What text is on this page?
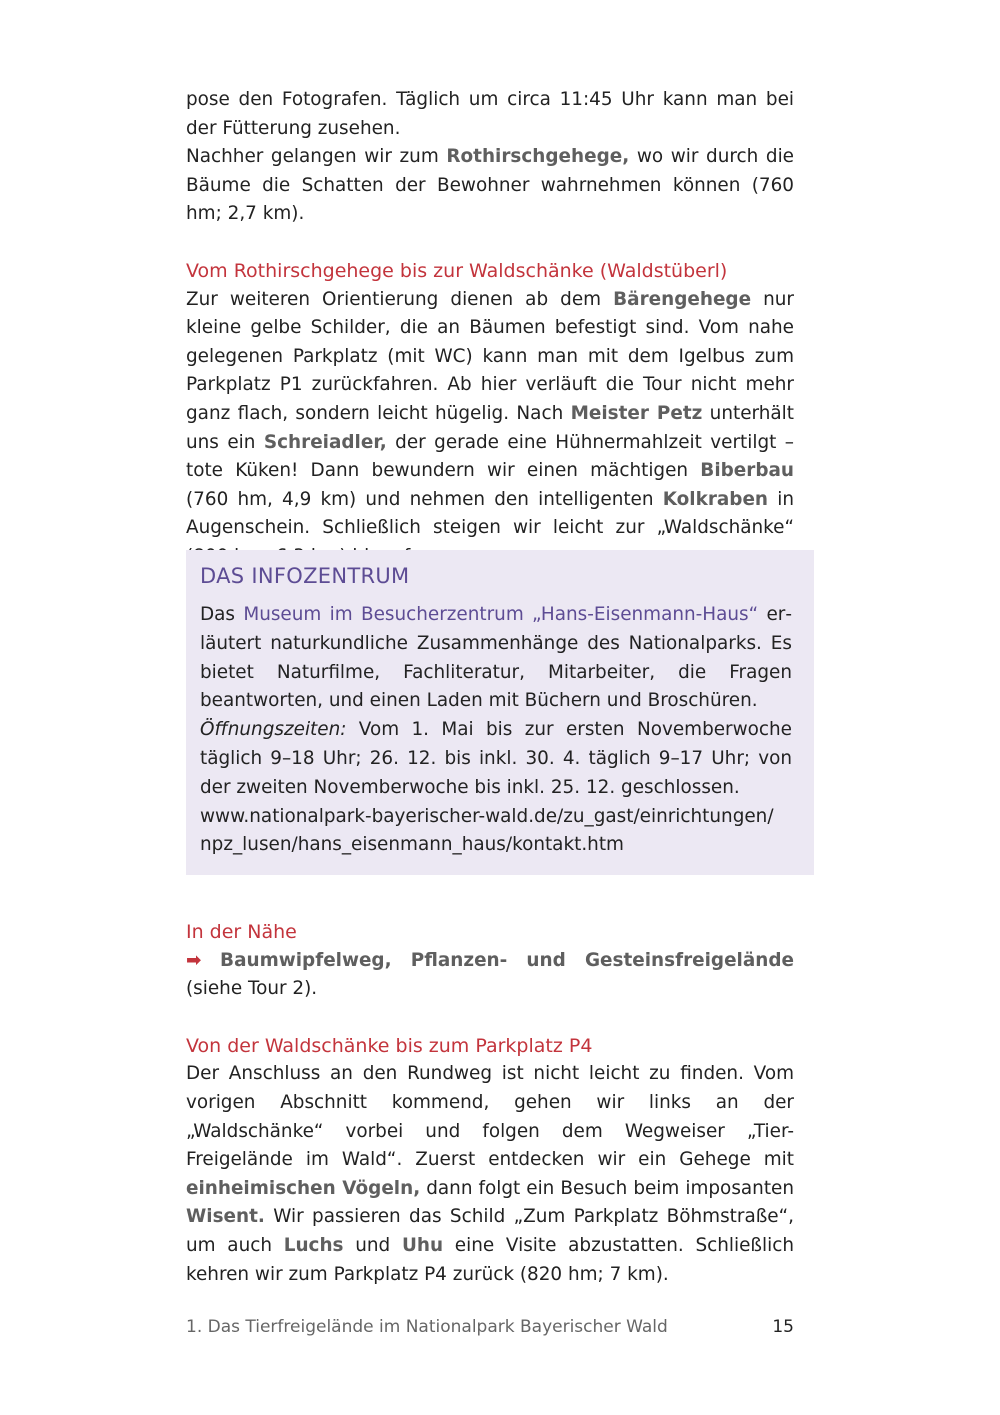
pose den Fotografen. Täglich um circa 11:45 Uhr kann man bei der Fütterung zusehen.
Nachher gelangen wir zum Rothirschgehege, wo wir durch die Bäume die Schatten der Bewohner wahrnehmen können (760 hm; 2,7 km).

Vom Rothirschgehege bis zur Waldschänke (Waldstüberl)

Zur weiteren Orientierung dienen ab dem Bärengehege nur kleine gelbe Schilder, die an Bäumen befestigt sind. Vom nahe gelegenen Parkplatz (mit WC) kann man mit dem Igelbus zum Parkplatz P1 zurückfahren. Ab hier verläuft die Tour nicht mehr ganz flach, sondern leicht hügelig. Nach Meister Petz unterhält uns ein Schreiadler, der gerade eine Hühnermahlzeit vertilgt – tote Küken! Dann bewundern wir einen mächtigen Biberbau (760 hm, 4,9 km) und nehmen den intelligenten Kolkraben in Augenschein. Schließlich steigen wir leicht zur „Waldschänke“

DAS INFOZENTRUM

Das Museum im Besucherzentrum „Hans-Eisenmann-Haus“ erläutert naturkundliche Zusammenhänge des Nationalparks. Es bietet Naturfilme, Fachliteratur, Mitarbeiter, die Fragen beantworten, und einen Laden mit Büchern und Broschüren.
Öffnungszeiten: Vom 1. Mai bis zur ersten Novemberwoche täglich 9–18 Uhr; 26. 12. bis inkl. 30. 4. täglich 9–17 Uhr; von der zweiten Novemberwoche bis inkl. 25. 12. geschlossen.
www.nationalpark-bayerischer-wald.de/zu_gast/einrichtungen/
npz_lusen/hans_eisenmann_haus/kontakt.htm

In der Nähe

➡ Baumwipfelweg, Pflanzen- und Gesteinsfreigelände (siehe Tour 2).

Von der Waldschänke bis zum Parkplatz P4

Der Anschluss an den Rundweg ist nicht leicht zu finden. Vom vorigen Abschnitt kommend, gehen wir links an der „Waldschänke“ vorbei und folgen dem Wegweiser „Tier-Freigelände im Wald“. Zuerst entdecken wir ein Gehege mit einheimischen Vögeln, dann folgt ein Besuch beim imposanten Wisent. Wir passieren das Schild „Zum Parkplatz Böhmstraße“, um auch Luchs und Uhu eine Visite abzustatten. Schließlich kehren wir zum Parkplatz P4 zurück (820 hm; 7 km).

1. Das Tierfreigelände im Nationalpark Bayerischer Wald	15
